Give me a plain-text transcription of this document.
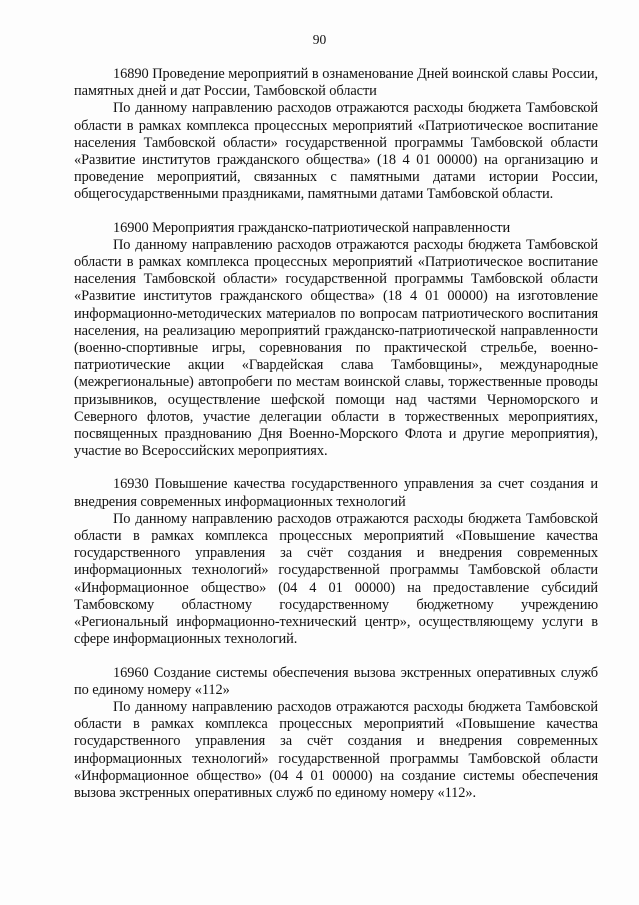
90

16890 Проведение мероприятий в ознаменование Дней воинской славы России, памятных дней и дат России, Тамбовской области

По данному направлению расходов отражаются расходы бюджета Тамбовской области в рамках комплекса процессных мероприятий «Патриотическое воспитание населения Тамбовской области» государственной программы Тамбовской области «Развитие институтов гражданского общества» (18 4 01 00000) на организацию и проведение мероприятий, связанных с памятными датами истории России, общегосударственными праздниками, памятными датами Тамбовской области.

16900 Мероприятия гражданско-патриотической направленности

По данному направлению расходов отражаются расходы бюджета Тамбовской области в рамках комплекса процессных мероприятий «Патриотическое воспитание населения Тамбовской области» государственной программы Тамбовской области «Развитие институтов гражданского общества» (18 4 01 00000) на изготовление информационно-методических материалов по вопросам патриотического воспитания населения, на реализацию мероприятий гражданско-патриотической направленности (военно-спортивные игры, соревнования по практической стрельбе, военно-патриотические акции «Гвардейская слава Тамбовщины», международные (межрегиональные) автопробеги по местам воинской славы, торжественные проводы призывников, осуществление шефской помощи над частями Черноморского и Северного флотов, участие делегации области в торжественных мероприятиях, посвященных празднованию Дня Военно-Морского Флота и другие мероприятия), участие во Всероссийских мероприятиях.

16930 Повышение качества государственного управления за счет создания и внедрения современных информационных технологий

По данному направлению расходов отражаются расходы бюджета Тамбовской области в рамках комплекса процессных мероприятий «Повышение качества государственного управления за счёт создания и внедрения современных информационных технологий» государственной программы Тамбовской области «Информационное общество» (04 4 01 00000) на предоставление субсидий Тамбовскому областному государственному бюджетному учреждению «Региональный информационно-технический центр», осуществляющему услуги в сфере информационных технологий.

16960 Создание системы обеспечения вызова экстренных оперативных служб по единому номеру «112»

По данному направлению расходов отражаются расходы бюджета Тамбовской области в рамках комплекса процессных мероприятий «Повышение качества государственного управления за счёт создания и внедрения современных информационных технологий» государственной программы Тамбовской области «Информационное общество» (04 4 01 00000) на создание системы обеспечения вызова экстренных оперативных служб по единому номеру «112».
